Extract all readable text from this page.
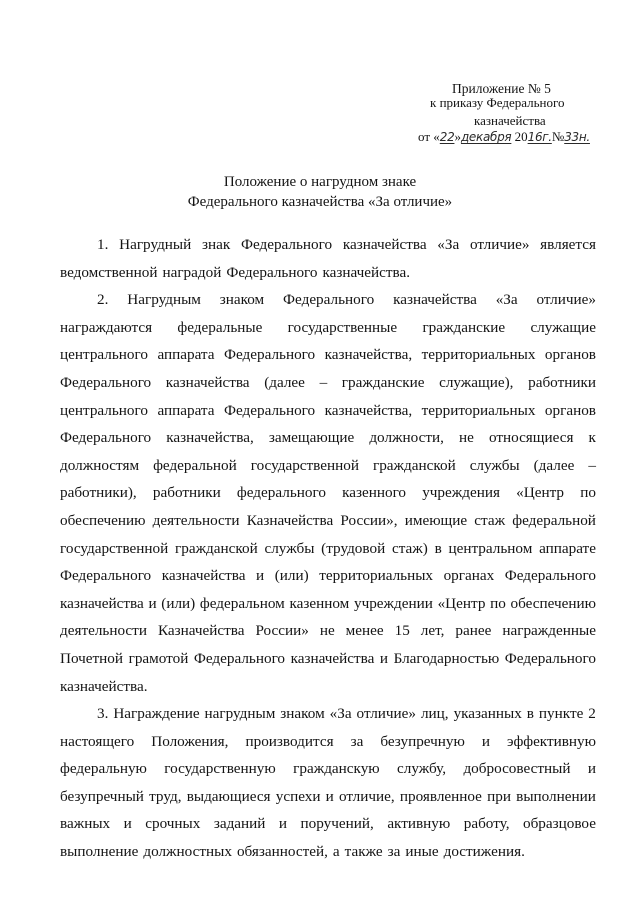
Приложение № 5
к приказу Федерального
казначейства
от «22»декабря 2016г.№33н.
Положение о нагрудном знаке
Федерального казначейства «За отличие»
1. Нагрудный знак Федерального казначейства «За отличие» является
ведомственной наградой Федерального казначейства.
2. Нагрудным знаком Федерального казначейства «За отличие»
награждаются федеральные государственные гражданские служащие
центрального аппарата Федерального казначейства, территориальных органов
Федерального казначейства (далее – гражданские служащие), работники
центрального аппарата Федерального казначейства, территориальных органов
Федерального казначейства, замещающие должности, не относящиеся к
должностям федеральной государственной гражданской службы (далее –
работники), работники федерального казенного учреждения «Центр по
обеспечению деятельности Казначейства России», имеющие стаж федеральной
государственной гражданской службы (трудовой стаж) в центральном аппарате
Федерального казначейства и (или) территориальных органах Федерального
казначейства и (или) федеральном казенном учреждении «Центр по обеспечению
деятельности Казначейства России» не менее 15 лет, ранее награжденные
Почетной грамотой Федерального казначейства и Благодарностью Федерального
казначейства.
3. Награждение нагрудным знаком «За отличие» лиц, указанных в пункте 2
настоящего Положения, производится за безупречную и эффективную
федеральную государственную гражданскую службу, добросовестный и
безупречный труд, выдающиеся успехи и отличие, проявленное при выполнении
важных и срочных заданий и поручений, активную работу, образцовое
выполнение должностных обязанностей, а также за иные достижения.
